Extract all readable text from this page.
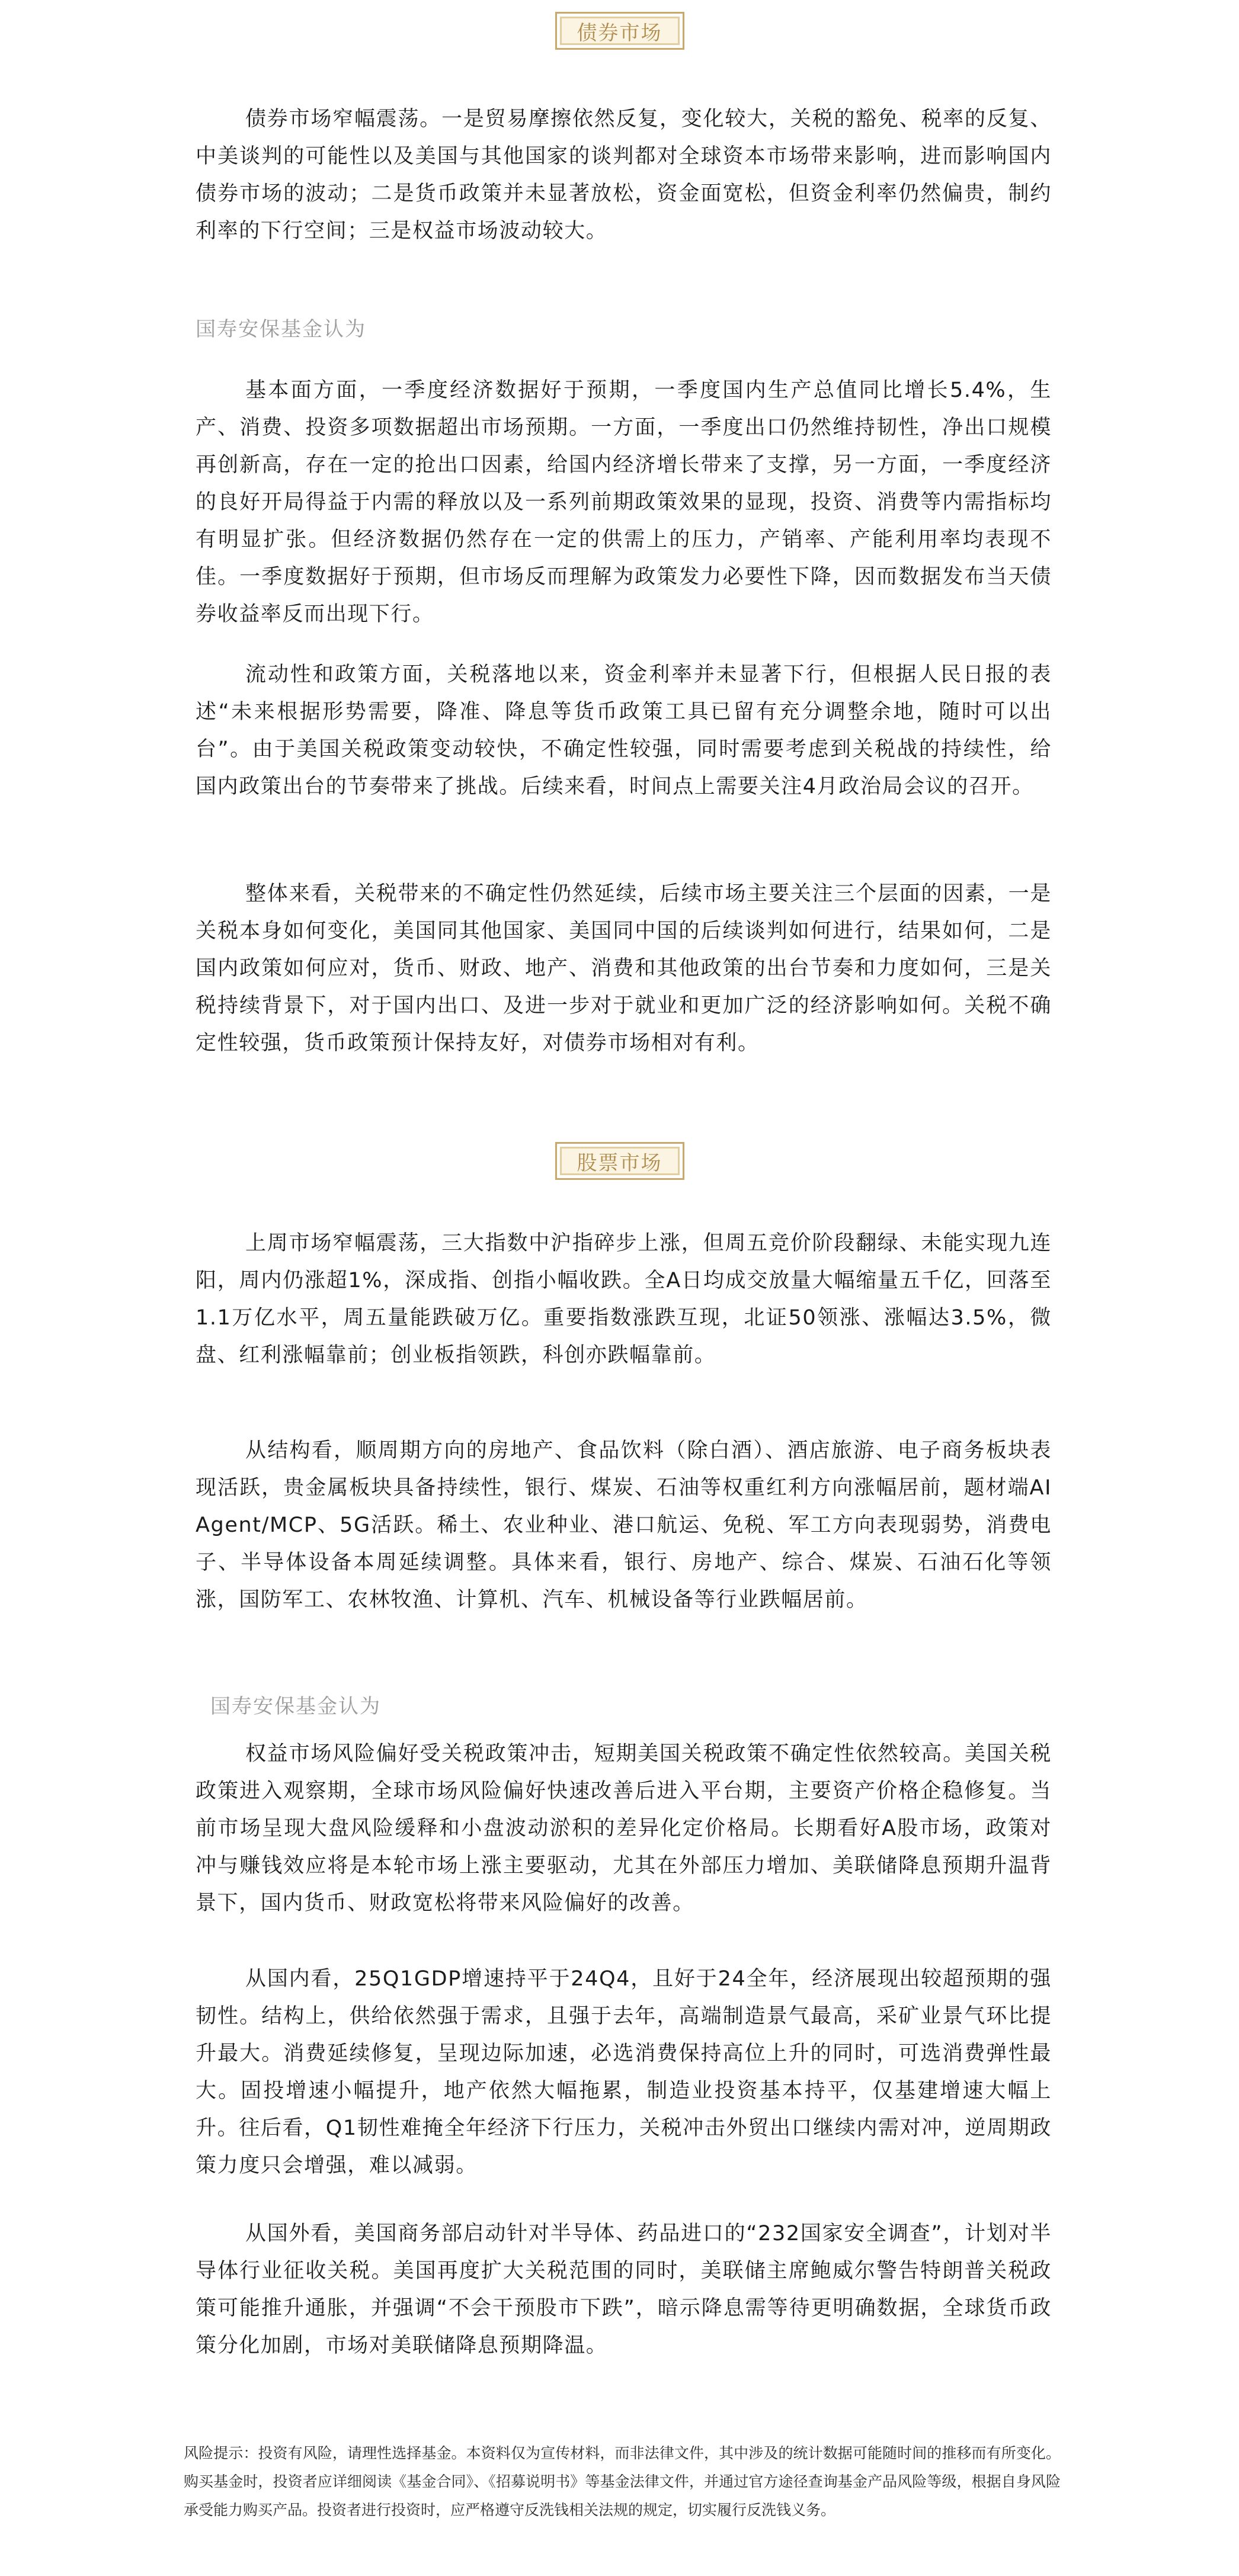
债券市场

债券市场窄幅震荡。一是贸易摩擦依然反复，变化较大，关税的豁免、税率的反复、中美谈判的可能性以及美国与其他国家的谈判都对全球资本市场带来影响，进而影响国内债券市场的波动；二是货币政策并未显著放松，资金面宽松，但资金利率仍然偏贵，制约利率的下行空间；三是权益市场波动较大。

国寿安保基金认为

基本面方面，一季度经济数据好于预期，一季度国内生产总值同比增长5.4%，生产、消费、投资多项数据超出市场预期。一方面，一季度出口仍然维持韧性，净出口规模再创新高，存在一定的抢出口因素，给国内经济增长带来了支撑，另一方面，一季度经济的良好开局得益于内需的释放以及一系列前期政策效果的显现，投资、消费等内需指标均有明显扩张。但经济数据仍然存在一定的供需上的压力，产销率、产能利用率均表现不佳。一季度数据好于预期，但市场反而理解为政策发力必要性下降，因而数据发布当天债券收益率反而出现下行。

流动性和政策方面，关税落地以来，资金利率并未显著下行，但根据人民日报的表述“未来根据形势需要，降准、降息等货币政策工具已留有充分调整余地，随时可以出台”。由于美国关税政策变动较快，不确定性较强，同时需要考虑到关税战的持续性，给国内政策出台的节奏带来了挑战。后续来看，时间点上需要关注4月政治局会议的召开。

整体来看，关税带来的不确定性仍然延续，后续市场主要关注三个层面的因素，一是关税本身如何变化，美国同其他国家、美国同中国的后续谈判如何进行，结果如何，二是国内政策如何应对，货币、财政、地产、消费和其他政策的出台节奏和力度如何，三是关税持续背景下，对于国内出口、及进一步对于就业和更加广泛的经济影响如何。关税不确定性较强，货币政策预计保持友好，对债券市场相对有利。

股票市场

上周市场窄幅震荡，三大指数中沪指碎步上涨，但周五竞价阶段翻绿、未能实现九连阳，周内仍涨超1%，深成指、创指小幅收跌。全A日均成交放量大幅缩量五千亿，回落至1.1万亿水平，周五量能跌破万亿。重要指数涨跌互现，北证50领涨、涨幅达3.5%，微盘、红利涨幅靠前；创业板指领跌，科创亦跌幅靠前。

从结构看，顺周期方向的房地产、食品饮料（除白酒）、酒店旅游、电子商务板块表现活跃，贵金属板块具备持续性，银行、煤炭、石油等权重红利方向涨幅居前，题材端AI Agent/MCP、5G活跃。稀土、农业种业、港口航运、免税、军工方向表现弱势，消费电子、半导体设备本周延续调整。具体来看，银行、房地产、综合、煤炭、石油石化等领涨，国防军工、农林牧渔、计算机、汽车、机械设备等行业跌幅居前。

国寿安保基金认为

权益市场风险偏好受关税政策冲击，短期美国关税政策不确定性依然较高。美国关税政策进入观察期，全球市场风险偏好快速改善后进入平台期，主要资产价格企稳修复。当前市场呈现大盘风险缓释和小盘波动淤积的差异化定价格局。长期看好A股市场，政策对冲与赚钱效应将是本轮市场上涨主要驱动，尤其在外部压力增加、美联储降息预期升温背景下，国内货币、财政宽松将带来风险偏好的改善。

从国内看，25Q1GDP增速持平于24Q4，且好于24全年，经济展现出较超预期的强韧性。结构上，供给依然强于需求，且强于去年，高端制造景气最高，采矿业景气环比提升最大。消费延续修复，呈现边际加速，必选消费保持高位上升的同时，可选消费弹性最大。固投增速小幅提升，地产依然大幅拖累，制造业投资基本持平，仅基建增速大幅上升。往后看，Q1韧性难掩全年经济下行压力，关税冲击外贸出口继续内需对冲，逆周期政策力度只会增强，难以减弱。

从国外看，美国商务部启动针对半导体、药品进口的“232国家安全调查”，计划对半导体行业征收关税。美国再度扩大关税范围的同时，美联储主席鲍威尔警告特朗普关税政策可能推升通胀，并强调“不会干预股市下跌”，暗示降息需等待更明确数据，全球货币政策分化加剧，市场对美联储降息预期降温。

风险提示：投资有风险，请理性选择基金。本资料仅为宣传材料，而非法律文件，其中涉及的统计数据可能随时间的推移而有所变化。购买基金时，投资者应详细阅读《基金合同》、《招募说明书》等基金法律文件，并通过官方途径查询基金产品风险等级，根据自身风险承受能力购买产品。投资者进行投资时，应严格遵守反洗钱相关法规的规定，切实履行反洗钱义务。
